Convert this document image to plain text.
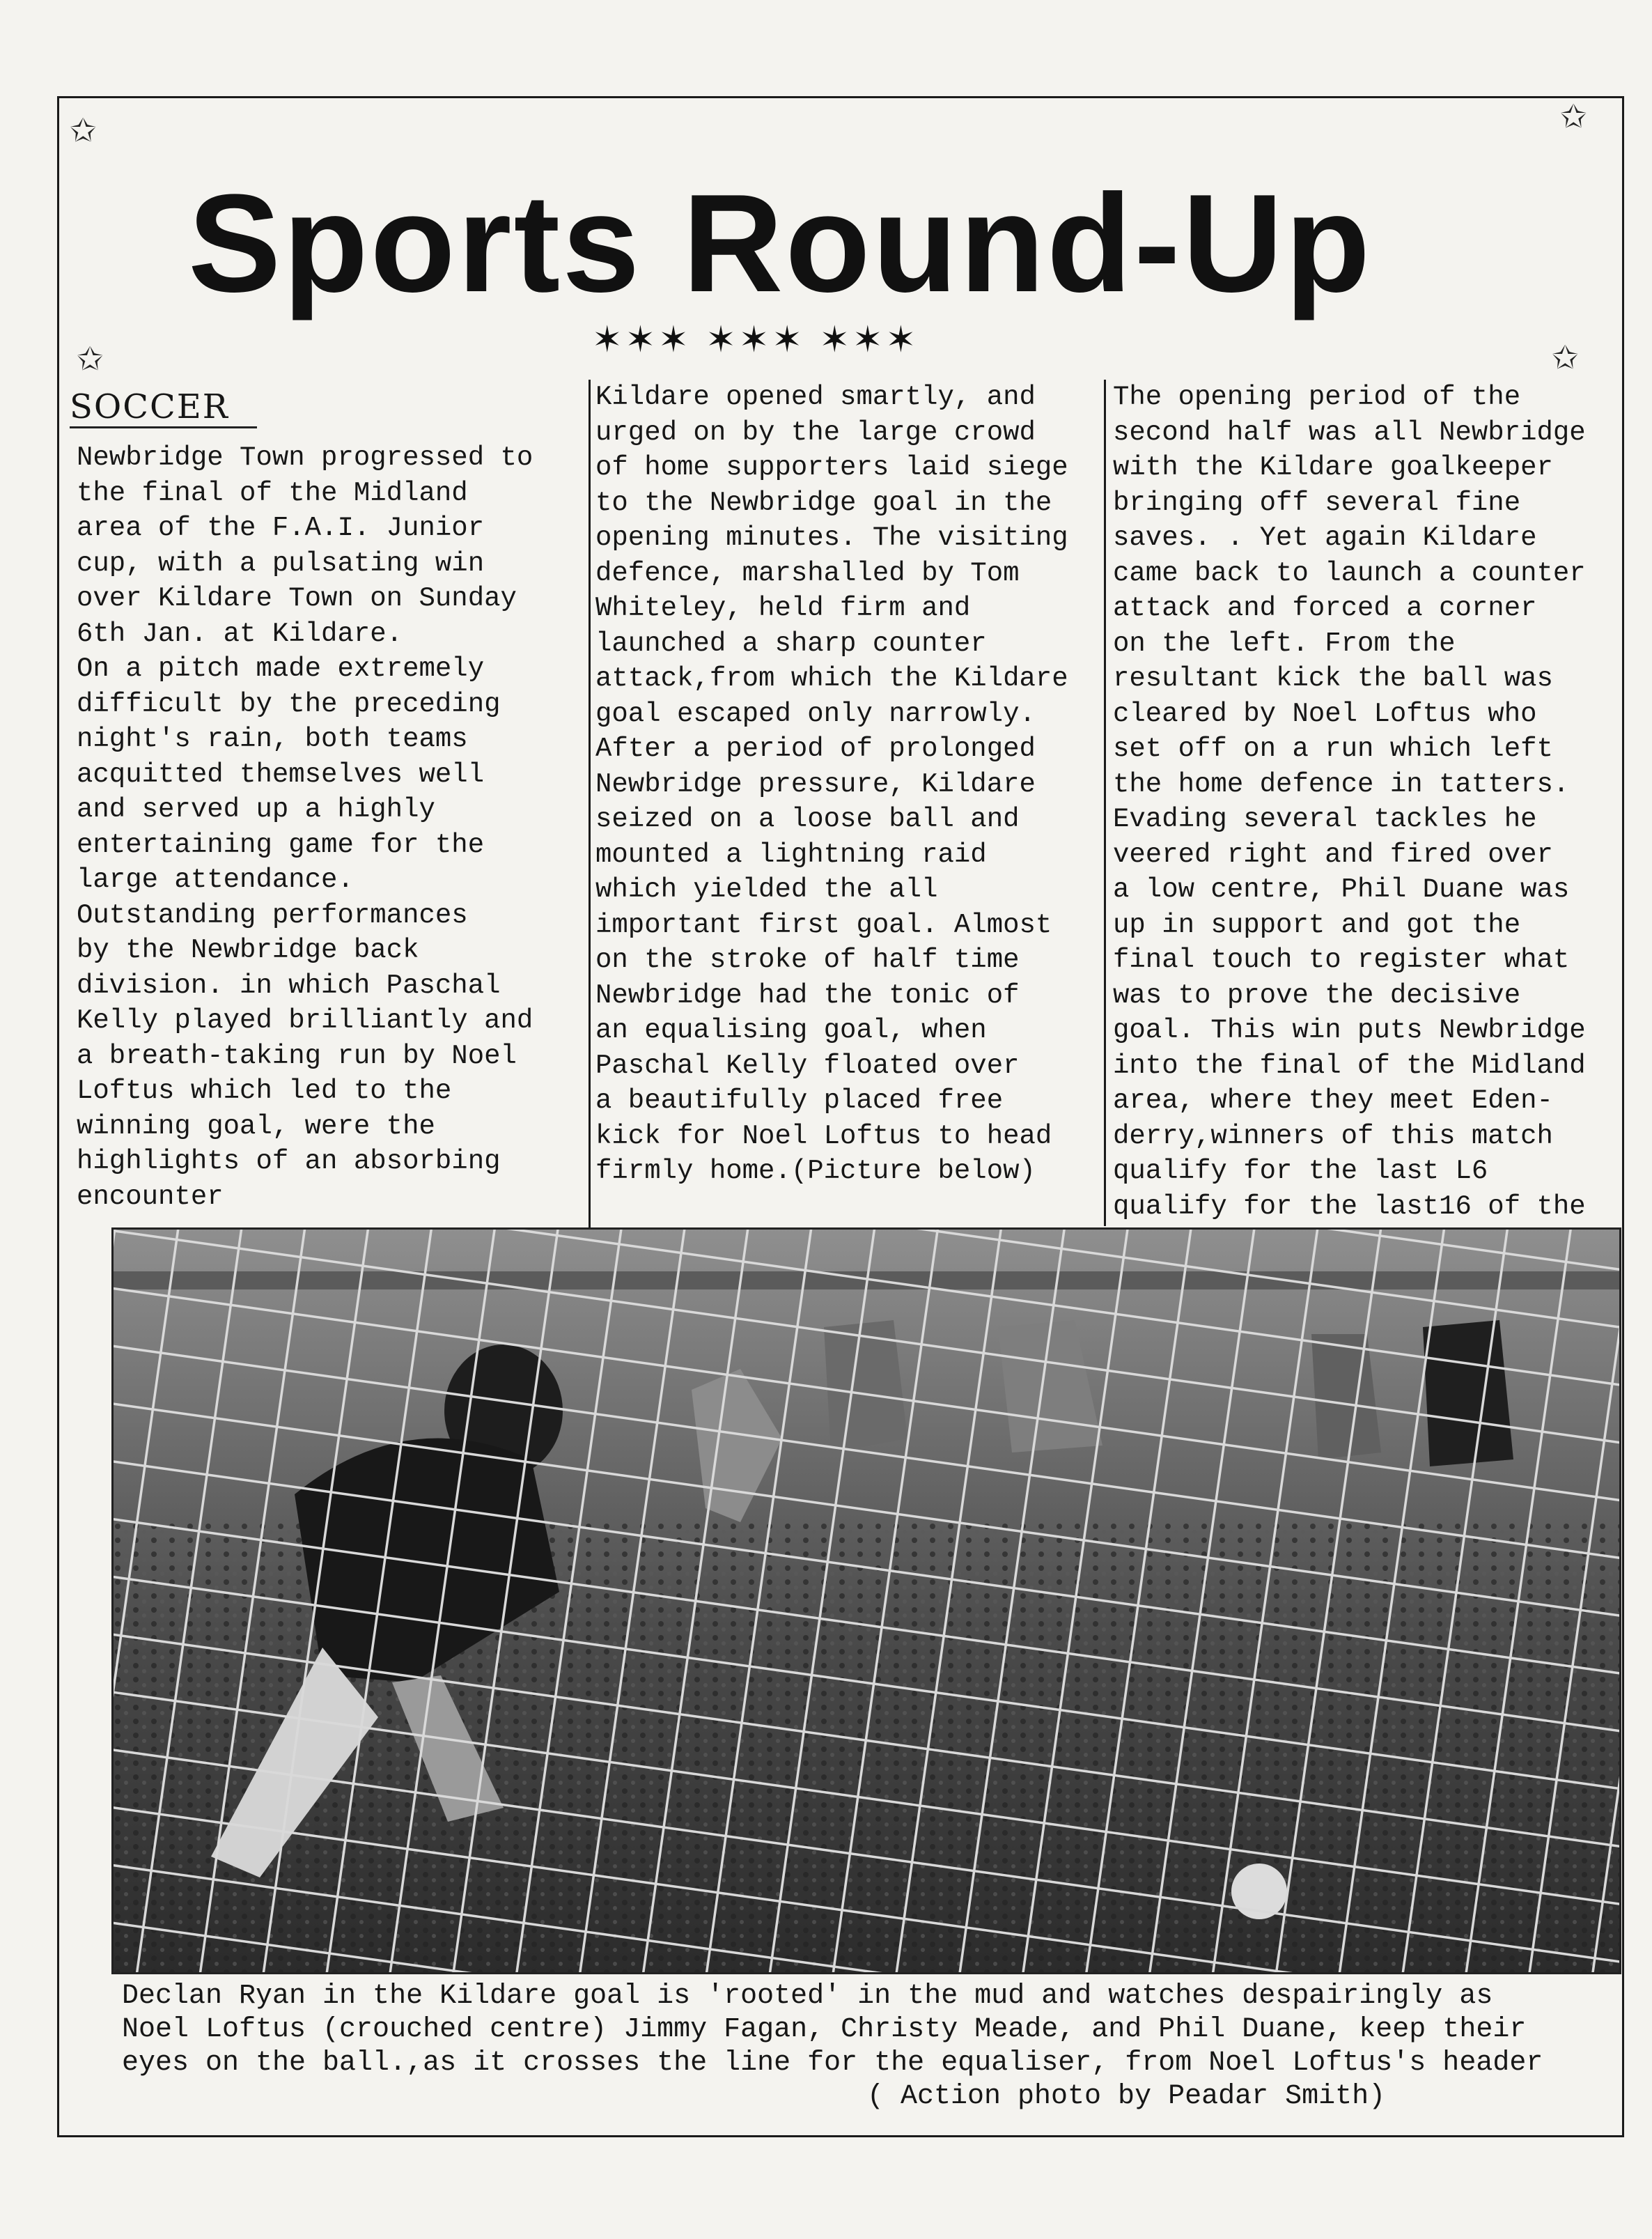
✩	✩
✩	✩
Sports Round-Up
✶✶✶ ✶✶✶ ✶✶✶
SOCCER
Newbridge Town progressed to
the final of the Midland
area of the F.A.I. Junior
cup, with a pulsating win
over Kildare Town on Sunday
6th Jan. at Kildare.
On a pitch made extremely
difficult by the preceding
night's rain, both teams
acquitted themselves well
and served up a highly
entertaining game for the
large attendance.
Outstanding performances
by the Newbridge back
division. in which Paschal
Kelly played brilliantly and
a breath-taking run by Noel
Loftus which led to the
winning goal, were the
highlights of an absorbing
encounter
Kildare opened smartly, and
urged on by the large crowd
of home supporters laid siege
to the Newbridge goal in the
opening minutes. The visiting
defence, marshalled by Tom
Whiteley, held firm and
launched a sharp counter
attack,from which the Kildare
goal escaped only narrowly.
After a period of prolonged
Newbridge pressure, Kildare
seized on a loose ball and
mounted a lightning raid
which yielded the all
important first goal. Almost
on the stroke of half time
Newbridge had the tonic of
an equalising goal, when
Paschal Kelly floated over
a beautifully placed free
kick for Noel Loftus to head
firmly home.(Picture below)
The opening period of the
second half was all Newbridge
with the Kildare goalkeeper
bringing off several fine
saves. . Yet again Kildare
came back to launch a counter
attack and forced a corner
on the left. From the
resultant kick the ball was
cleared by Noel Loftus who
set off on a run which left
the home defence in tatters.
Evading several tackles he
veered right and fired over
a low centre, Phil Duane was
up in support and got the
final touch to register what
was to prove the decisive
goal. This win puts Newbridge
into the final of the Midland
area, where they meet Eden-
derry,winners of this match
qualify for the last L6
qualify for the last16 of the
Declan Ryan in the Kildare goal is 'rooted' in the mud and watches despairingly as
Noel Loftus (crouched centre) Jimmy Fagan, Christy Meade, and Phil Duane, keep their
eyes on the ball.,as it crosses the line for the equaliser, from Noel Loftus's header
( Action photo by Peadar Smith)
